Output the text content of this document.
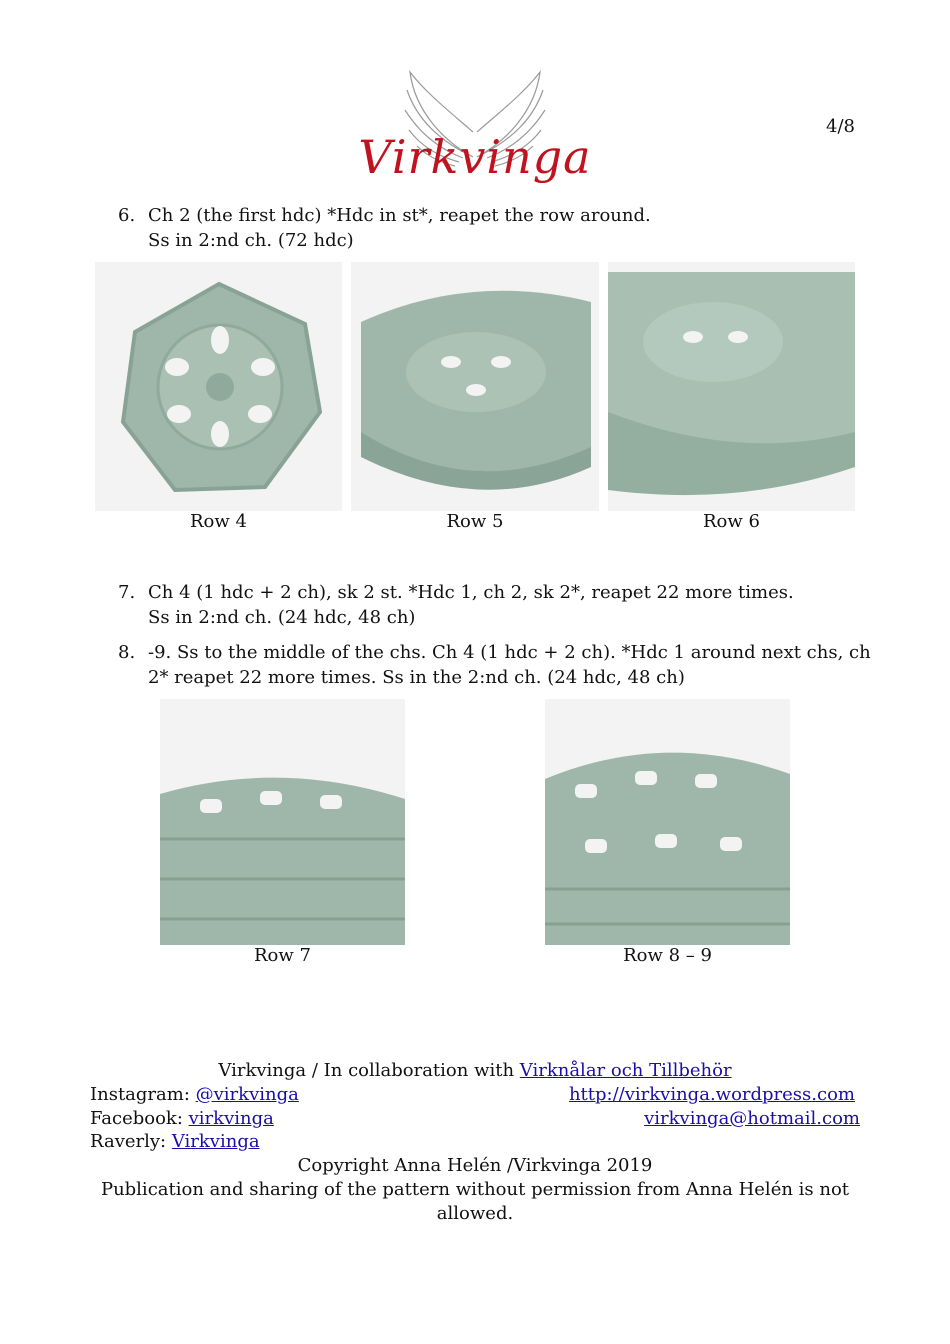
4/8
Virkvinga
6. Ch 2 (the first hdc) *Hdc in st*, reapet the row around.
Ss in 2:nd ch. (72 hdc)
Row 4	Row 5	Row 6
7. Ch 4 (1 hdc + 2 ch), sk 2 st. *Hdc 1, ch 2, sk 2*, reapet 22 more times.
Ss in 2:nd ch. (24 hdc, 48 ch)
8. -9. Ss to the middle of the chs. Ch 4 (1 hdc + 2 ch). *Hdc 1 around next chs, ch
2* reapet 22 more times. Ss in the 2:nd ch. (24 hdc, 48 ch)
Row 7	Row 8 – 9
Virkvinga / In collaboration with Virknålar och Tillbehör
Instagram: @virkvinga	http://virkvinga.wordpress.com
Facebook: virkvinga	virkvinga@hotmail.com
Raverly: Virkvinga
Copyright Anna Helén /Virkvinga 2019
Publication and sharing of the pattern without permission from Anna Helén is not
allowed.
